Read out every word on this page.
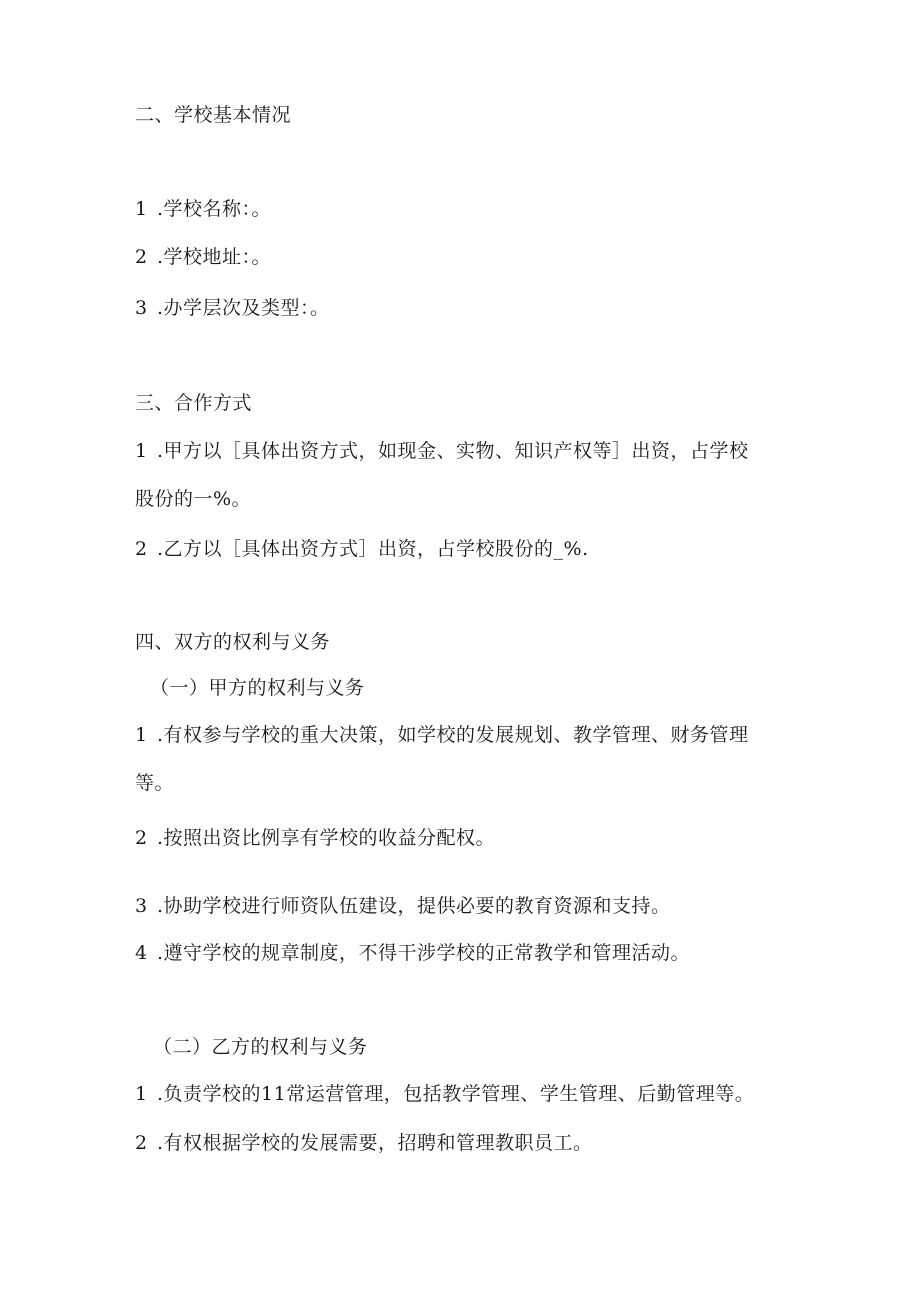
二、学校基本情况
1 .学校名称：。
2 .学校地址：。
3 .办学层次及类型：。
三、合作方式
1 .甲方以［具体出资方式，如现金、实物、知识产权等］出资，占学校
股份的一%。
2 .乙方以［具体出资方式］出资，占学校股份的_%.
四、双方的权利与义务
（一）甲方的权利与义务
1 .有权参与学校的重大决策，如学校的发展规划、教学管理、财务管理
等。
2 .按照出资比例享有学校的收益分配权。
3 .协助学校进行师资队伍建设，提供必要的教育资源和支持。
4 .遵守学校的规章制度，不得干涉学校的正常教学和管理活动。
（二）乙方的权利与义务
1 .负责学校的11常运营管理，包括教学管理、学生管理、后勤管理等。
2 .有权根据学校的发展需要，招聘和管理教职员工。
